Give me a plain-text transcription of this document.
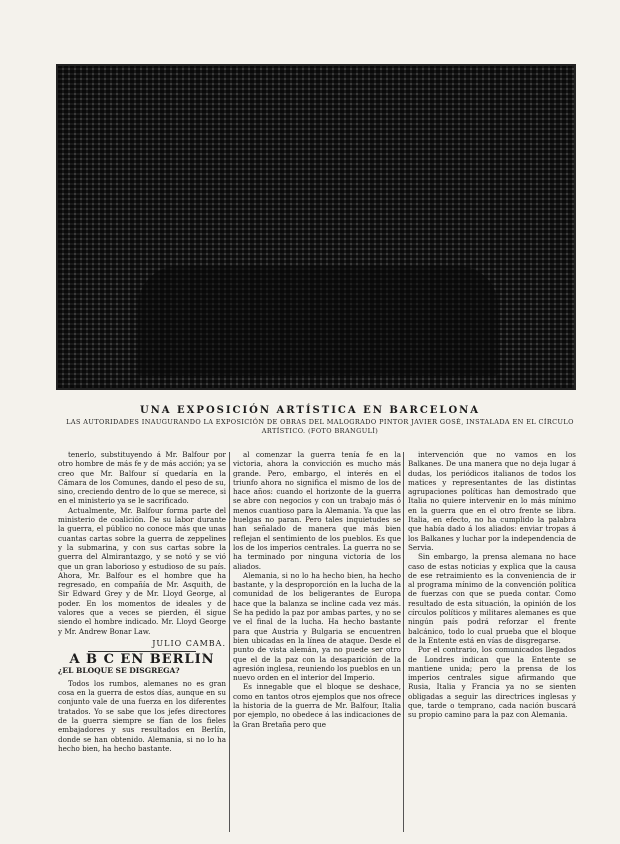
UNA EXPOSICIÓN ARTÍSTICA EN BARCELONA

LAS AUTORIDADES INAUGURANDO LA EXPOSICIÓN DE OBRAS DEL MALOGRADO PINTOR JAVIER GOSÉ, INSTALADA EN EL CÍRCULO ARTÍSTICO. (FOTO BRANGULÍ)

tenerlo, substituyendo á Mr. Balfour por otro hombre de más fe y de más acción; ya se creo que Mr. Balfour sí quedaría en la Cámara de los Comunes, dando el peso de su, sino, creciendo dentro de lo que se merece, si en el ministerio ya se le sacrificado.

Actualmente, Mr. Balfour forma parte del ministerio de coalición. De su labor durante la guerra, el público no conoce más que unas cuantas cartas sobre la guerra de zeppelines y la submarina, y con sus cartas sobre la guerra del Almirantazgo, y se notó y se vió que un gran laborioso y estudioso de su país. Ahora, Mr. Balfour es el hombre que ha regresado, en compañía de Mr. Asquith, de Sir Edward Grey y de Mr. Lloyd George, al poder. En los momentos de ideales y de valores que a veces se pierden, él sigue siendo el hombre indicado. Mr. Lloyd George y Mr. Andrew Bonar Law.

JULIO CAMBA.
A B C EN BERLIN
¿EL BLOQUE SE DISGREGA?

Todos los rumbos, alemanes no es gran cosa en la guerra de estos días, aunque en su conjunto vale de una fuerza en los diferentes tratados. Yo se sabe que los jefes directores de la guerra siempre se fían de los fieles embajadores y sus resultados en Berlín, donde se han obtenido. Alemania, si no lo ha hecho bien, ha hecho bastante.

al comenzar la guerra tenía fe en la victoria, ahora la convicción es mucho más grande. Pero, embargo, el interés en el triunfo ahora no significa el mismo de los de hace años: cuando el horizonte de la guerra se abre con negocios y con un trabajo más ó menos cuantioso para la Alemania. Ya que las huelgas no paran. Pero tales inquietudes se han señalado de manera que más bien reflejan el sentimiento de los pueblos. Es que los de los imperios centrales. La guerra no se ha terminado por ninguna victoria de los aliados.

Alemania, si no lo ha hecho bien, ha hecho bastante, y la desproporción en la lucha de la comunidad de los beligerantes de Europa hace que la balanza se incline cada vez más. Se ha pedido la paz por ambas partes, y no se ve el final de la lucha. Ha hecho bastante para que Austria y Bulgaria se encuentren bien ubicadas en la línea de ataque. Desde el punto de vista alemán, ya no puede ser otro que el de la paz con la desaparición de la agresión inglesa, reuniendo los pueblos en un nuevo orden en el interior del Imperio.

Es innegable que el bloque se deshace, como en tantos otros ejemplos que nos ofrece la historia de la guerra de Mr. Balfour, Italia por ejemplo, no obedece á las indicaciones de la Gran Bretaña pero que

intervención que no vamos en los Balkanes. De una manera que no deja lugar á dudas, los periódicos italianos de todos los matices y representantes de las distintas agrupaciones políticas han demostrado que Italia no quiere intervenir en lo más mínimo en la guerra que en el otro frente se libra. Italia, en efecto, no ha cumplido la palabra que había dado á los aliados: enviar tropas á los Balkanes y luchar por la independencia de Servia.

Sin embargo, la prensa alemana no hace caso de estas noticias y explica que la causa de ese retraimiento es la conveniencia de ir al programa mínimo de la convención política de fuerzas con que se pueda contar. Como resultado de esta situación, la opinión de los círculos políticos y militares alemanes es que ningún país podrá reforzar el frente balcánico, todo lo cual prueba que el bloque de la Entente está en vías de disgregarse.

Por el contrario, los comunicados llegados de Londres indican que la Entente se mantiene unida; pero la prensa de los imperios centrales sigue afirmando que Rusia, Italia y Francia ya no se sienten obligadas a seguir las directrices inglesas y que, tarde o temprano, cada nación buscará su propio camino para la paz con Alemania.
